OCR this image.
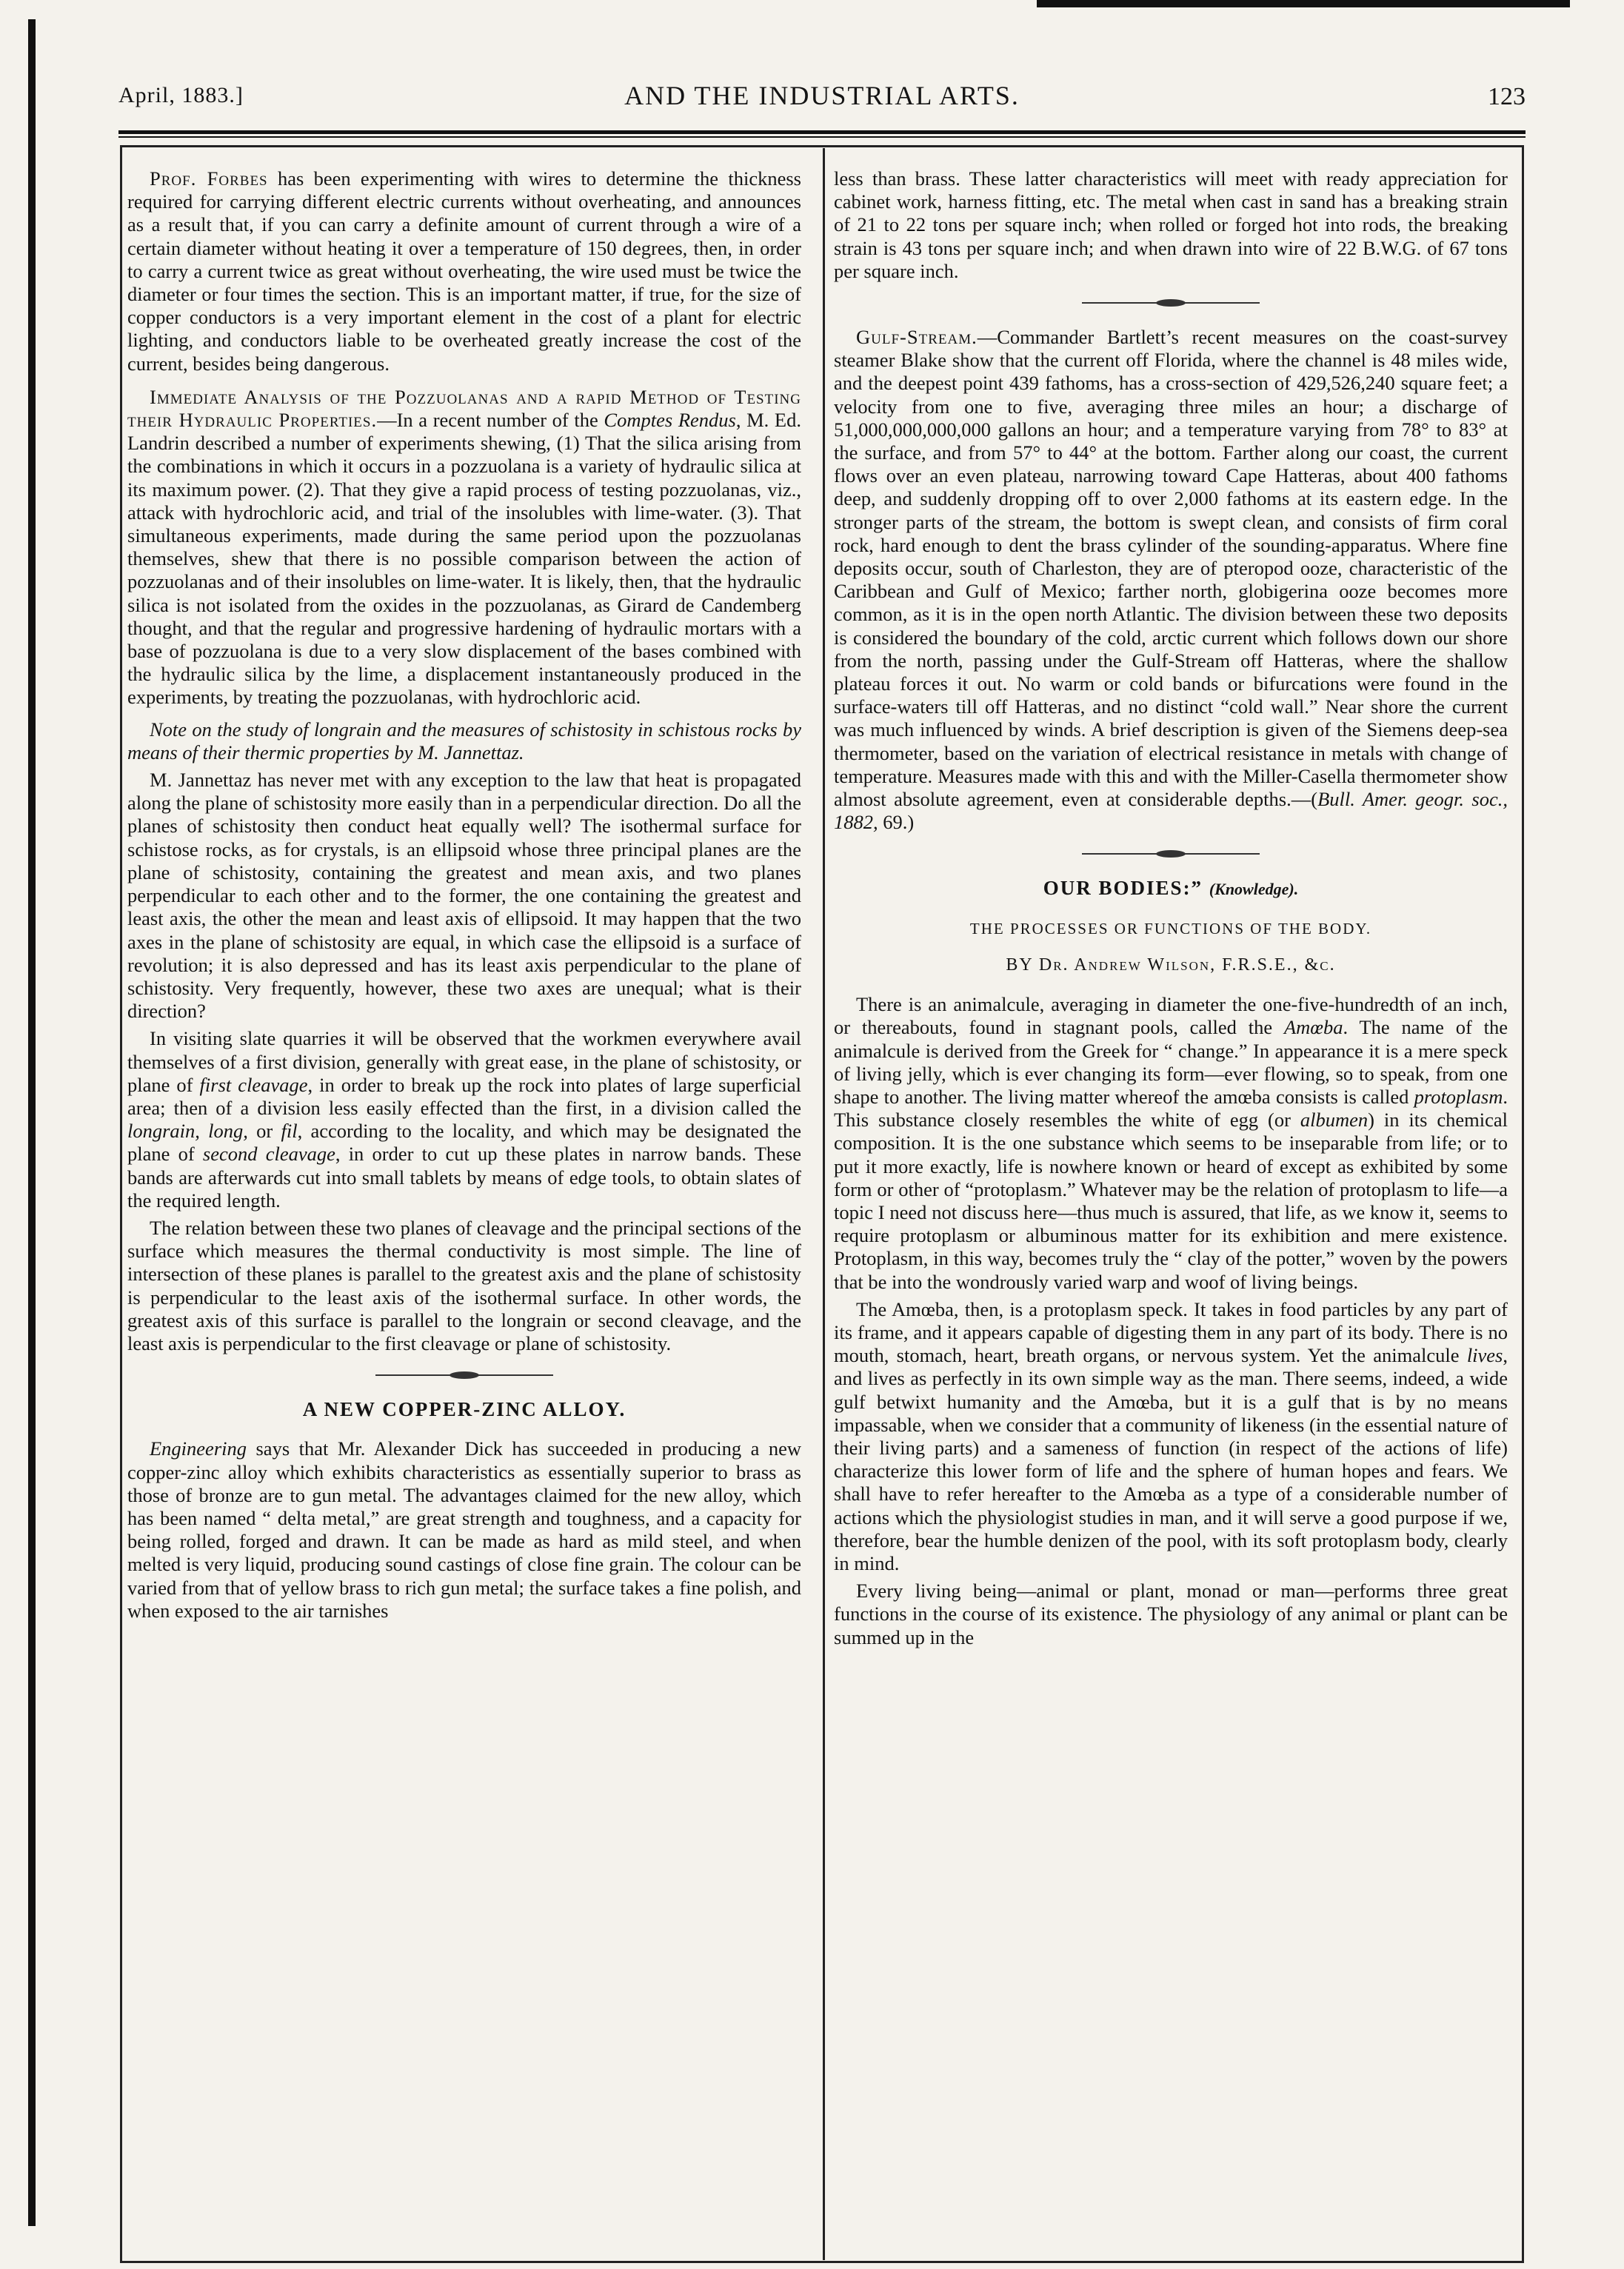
April, 1883.]	AND THE INDUSTRIAL ARTS.	123

Prof. Forbes has been experimenting with wires to determine the thickness required for carrying different electric currents without overheating, and announces as a result that, if you can carry a definite amount of current through a wire of a certain diameter without heating it over a temperature of 150 degrees, then, in order to carry a current twice as great without overheating, the wire used must be twice the diameter or four times the section. This is an important matter, if true, for the size of copper conductors is a very important element in the cost of a plant for electric lighting, and conductors liable to be overheated greatly increase the cost of the current, besides being dangerous.

Immediate Analysis of the Pozzuolanas and a rapid Method of Testing their Hydraulic Properties.—In a recent number of the Comptes Rendus, M. Ed. Landrin described a number of experiments shewing, (1) That the silica arising from the combinations in which it occurs in a pozzuolana is a variety of hydraulic silica at its maximum power. (2). That they give a rapid process of testing pozzuolanas, viz., attack with hydrochloric acid, and trial of the insolubles with lime-water. (3). That simultaneous experiments, made during the same period upon the pozzuolanas themselves, shew that there is no possible comparison between the action of pozzuolanas and of their insolubles on lime-water. It is likely, then, that the hydraulic silica is not isolated from the oxides in the pozzuolanas, as Girard de Candemberg thought, and that the regular and progressive hardening of hydraulic mortars with a base of pozzuolana is due to a very slow displacement of the bases combined with the hydraulic silica by the lime, a displacement instantaneously produced in the experiments, by treating the pozzuolanas, with hydrochloric acid.

Note on the study of longrain and the measures of schistosity in schistous rocks by means of their thermic properties by M. Jannettaz.

M. Jannettaz has never met with any exception to the law that heat is propagated along the plane of schistosity more easily than in a perpendicular direction. Do all the planes of schistosity then conduct heat equally well? The isothermal surface for schistose rocks, as for crystals, is an ellipsoid whose three principal planes are the plane of schistosity, containing the greatest and mean axis, and two planes perpendicular to each other and to the former, the one containing the greatest and least axis, the other the mean and least axis of ellipsoid. It may happen that the two axes in the plane of schistosity are equal, in which case the ellipsoid is a surface of revolution; it is also depressed and has its least axis perpendicular to the plane of schistosity. Very frequently, however, these two axes are unequal; what is their direction?

In visiting slate quarries it will be observed that the workmen everywhere avail themselves of a first division, generally with great ease, in the plane of schistosity, or plane of first cleavage, in order to break up the rock into plates of large superficial area; then of a division less easily effected than the first, in a division called the longrain, long, or fil, according to the locality, and which may be designated the plane of second cleavage, in order to cut up these plates in narrow bands. These bands are afterwards cut into small tablets by means of edge tools, to obtain slates of the required length.

The relation between these two planes of cleavage and the principal sections of the surface which measures the thermal conductivity is most simple. The line of intersection of these planes is parallel to the greatest axis and the plane of schistosity is perpendicular to the least axis of the isothermal surface. In other words, the greatest axis of this surface is parallel to the longrain or second cleavage, and the least axis is perpendicular to the first cleavage or plane of schistosity.

A NEW COPPER-ZINC ALLOY.

Engineering says that Mr. Alexander Dick has succeeded in producing a new copper-zinc alloy which exhibits characteristics as essentially superior to brass as those of bronze are to gun metal. The advantages claimed for the new alloy, which has been named “ delta metal,” are great strength and toughness, and a capacity for being rolled, forged and drawn. It can be made as hard as mild steel, and when melted is very liquid, producing sound castings of close fine grain. The colour can be varied from that of yellow brass to rich gun metal; the surface takes a fine polish, and when exposed to the air tarnishes

less than brass. These latter characteristics will meet with ready appreciation for cabinet work, harness fitting, etc. The metal when cast in sand has a breaking strain of 21 to 22 tons per square inch; when rolled or forged hot into rods, the breaking strain is 43 tons per square inch; and when drawn into wire of 22 B.W.G. of 67 tons per square inch.

Gulf-Stream.—Commander Bartlett’s recent measures on the coast-survey steamer Blake show that the current off Florida, where the channel is 48 miles wide, and the deepest point 439 fathoms, has a cross-section of 429,526,240 square feet; a velocity from one to five, averaging three miles an hour; a discharge of 51,000,000,000,000 gallons an hour; and a temperature varying from 78° to 83° at the surface, and from 57° to 44° at the bottom. Farther along our coast, the current flows over an even plateau, narrowing toward Cape Hatteras, about 400 fathoms deep, and suddenly dropping off to over 2,000 fathoms at its eastern edge. In the stronger parts of the stream, the bottom is swept clean, and consists of firm coral rock, hard enough to dent the brass cylinder of the sounding-apparatus. Where fine deposits occur, south of Charleston, they are of pteropod ooze, characteristic of the Caribbean and Gulf of Mexico; farther north, globigerina ooze becomes more common, as it is in the open north Atlantic. The division between these two deposits is considered the boundary of the cold, arctic current which follows down our shore from the north, passing under the Gulf-Stream off Hatteras, where the shallow plateau forces it out. No warm or cold bands or bifurcations were found in the surface-waters till off Hatteras, and no distinct “cold wall.” Near shore the current was much influenced by winds. A brief description is given of the Siemens deep-sea thermometer, based on the variation of electrical resistance in metals with change of temperature. Measures made with this and with the Miller-Casella thermometer show almost absolute agreement, even at considerable depths.—(Bull. Amer. geogr. soc., 1882, 69.)

OUR BODIES:” (Knowledge).
THE PROCESSES OR FUNCTIONS OF THE BODY.
BY Dr. Andrew Wilson, F.R.S.E., &c.

There is an animalcule, averaging in diameter the one-five-hundredth of an inch, or thereabouts, found in stagnant pools, called the Amœba. The name of the animalcule is derived from the Greek for “ change.” In appearance it is a mere speck of living jelly, which is ever changing its form—ever flowing, so to speak, from one shape to another. The living matter whereof the amœba consists is called protoplasm. This substance closely resembles the white of egg (or albumen) in its chemical composition. It is the one substance which seems to be inseparable from life; or to put it more exactly, life is nowhere known or heard of except as exhibited by some form or other of “protoplasm.” Whatever may be the relation of protoplasm to life—a topic I need not discuss here—thus much is assured, that life, as we know it, seems to require protoplasm or albuminous matter for its exhibition and mere existence. Protoplasm, in this way, becomes truly the “ clay of the potter,” woven by the powers that be into the wondrously varied warp and woof of living beings.

The Amœba, then, is a protoplasm speck. It takes in food particles by any part of its frame, and it appears capable of digesting them in any part of its body. There is no mouth, stomach, heart, breath organs, or nervous system. Yet the animalcule lives, and lives as perfectly in its own simple way as the man. There seems, indeed, a wide gulf betwixt humanity and the Amœba, but it is a gulf that is by no means impassable, when we consider that a community of likeness (in the essential nature of their living parts) and a sameness of function (in respect of the actions of life) characterize this lower form of life and the sphere of human hopes and fears. We shall have to refer hereafter to the Amœba as a type of a considerable number of actions which the physiologist studies in man, and it will serve a good purpose if we, therefore, bear the humble denizen of the pool, with its soft protoplasm body, clearly in mind.

Every living being—animal or plant, monad or man—performs three great functions in the course of its existence. The physiology of any animal or plant can be summed up in the
